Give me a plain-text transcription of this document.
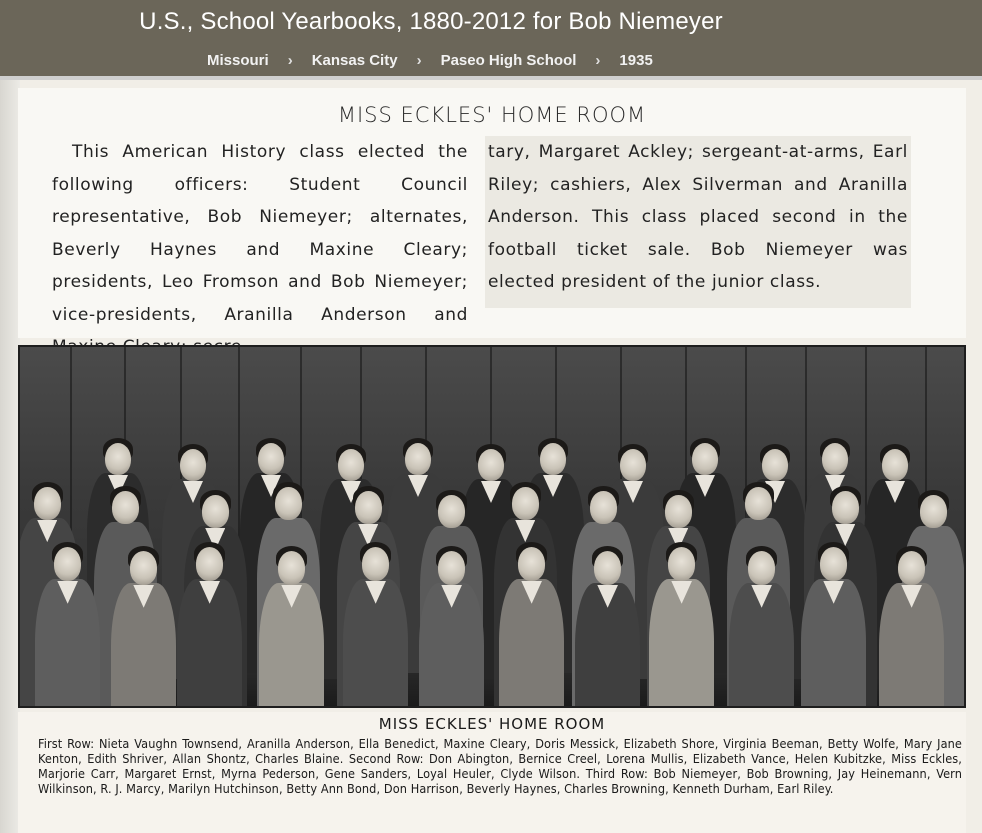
U.S., School Yearbooks, 1880-2012 for Bob Niemeyer
Missouri › Kansas City › Paseo High School › 1935
MISS ECKLES' HOME ROOM
This American History class elected the following officers: Student Council representative, Bob Niemeyer; alternates, Beverly Haynes and Maxine Cleary; presidents, Leo Fromson and Bob Niemeyer; vice-presidents, Aranilla Anderson and
tary, Margaret Ackley; sergeant-at-arms, Earl Riley; cashiers, Alex Silverman and Aranilla Anderson. This class placed second in the football ticket sale. Bob Niemeyer was elected president of the junior class.
MISS ECKLES' HOME ROOM
First Row: Nieta Vaughn Townsend, Aranilla Anderson, Ella Benedict, Maxine Cleary, Doris Messick, Elizabeth Shore, Virginia Beeman, Betty Wolfe, Mary Jane Kenton, Edith Shriver, Allan Shontz, Charles Blaine. Second Row: Don Abington, Bernice Creel, Lorena Mullis, Elizabeth Vance, Helen Kubitzke, Miss Eckles, Marjorie Carr, Margaret Ernst, Myrna Pederson, Gene Sanders, Loyal Heuler, Clyde Wilson. Third Row: Bob Niemeyer, Bob Browning, Jay Heinemann, Vern Wilkinson, R. J. Marcy, Marilyn Hutchinson, Betty Ann Bond, Don Harrison, Beverly Haynes, Charles Browning, Kenneth Durham, Earl Riley.
